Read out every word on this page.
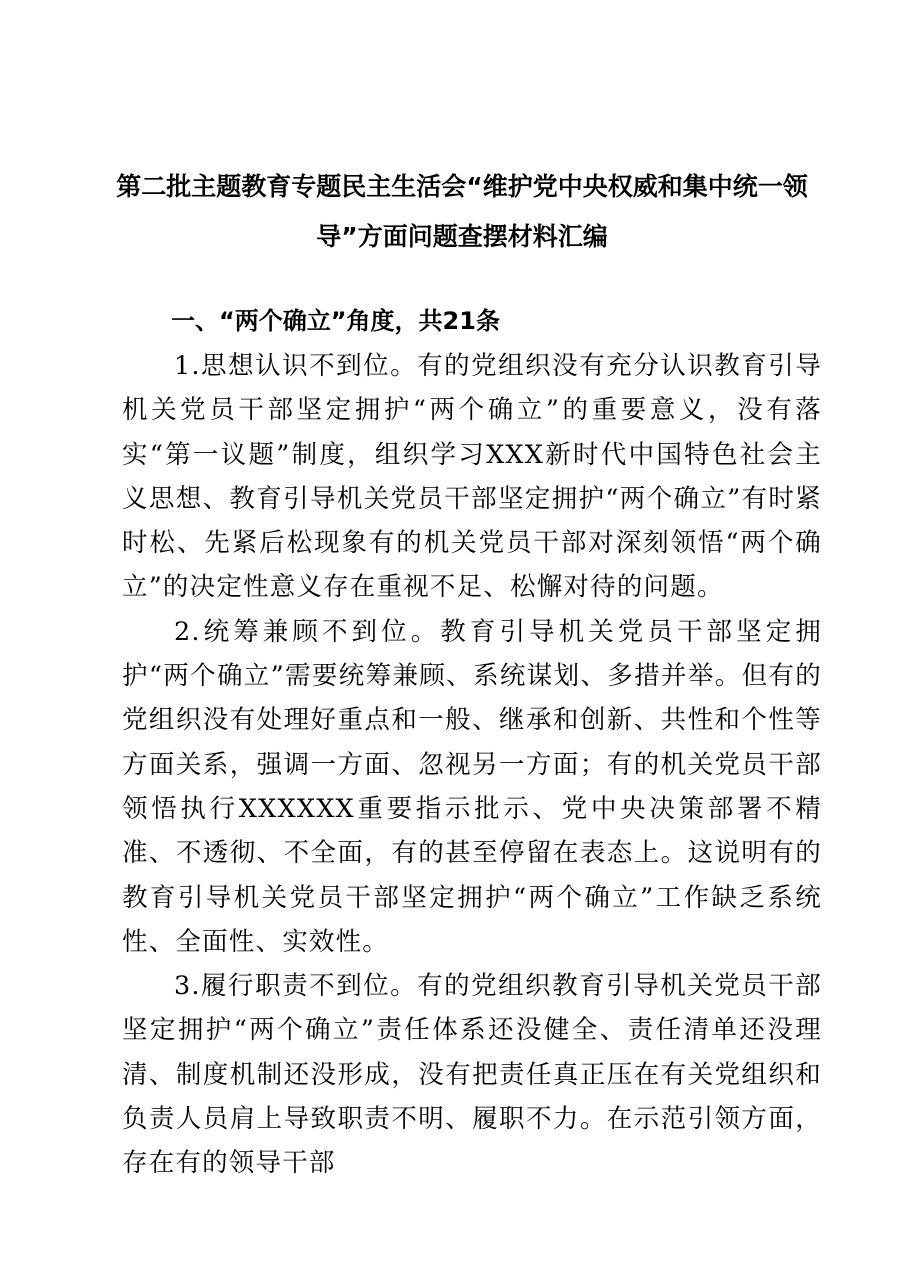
第二批主题教育专题民主生活会“维护党中央权威和集中统一领导”方面问题查摆材料汇编
一、“两个确立”角度，共21条

1.思想认识不到位。有的党组织没有充分认识教育引导机关党员干部坚定拥护“两个确立”的重要意义，没有落实“第一议题”制度，组织学习XXX新时代中国特色社会主义思想、教育引导机关党员干部坚定拥护“两个确立”有时紧时松、先紧后松现象有的机关党员干部对深刻领悟“两个确立”的决定性意义存在重视不足、松懈对待的问题。

2.统筹兼顾不到位。教育引导机关党员干部坚定拥护“两个确立”需要统筹兼顾、系统谋划、多措并举。但有的党组织没有处理好重点和一般、继承和创新、共性和个性等方面关系，强调一方面、忽视另一方面；有的机关党员干部领悟执行XXXXXX重要指示批示、党中央决策部署不精准、不透彻、不全面，有的甚至停留在表态上。这说明有的教育引导机关党员干部坚定拥护“两个确立”工作缺乏系统性、全面性、实效性。

3.履行职责不到位。有的党组织教育引导机关党员干部坚定拥护“两个确立”责任体系还没健全、责任清单还没理清、制度机制还没形成，没有把责任真正压在有关党组织和负责人员肩上导致职责不明、履职不力。在示范引领方面，存在有的领导干部
